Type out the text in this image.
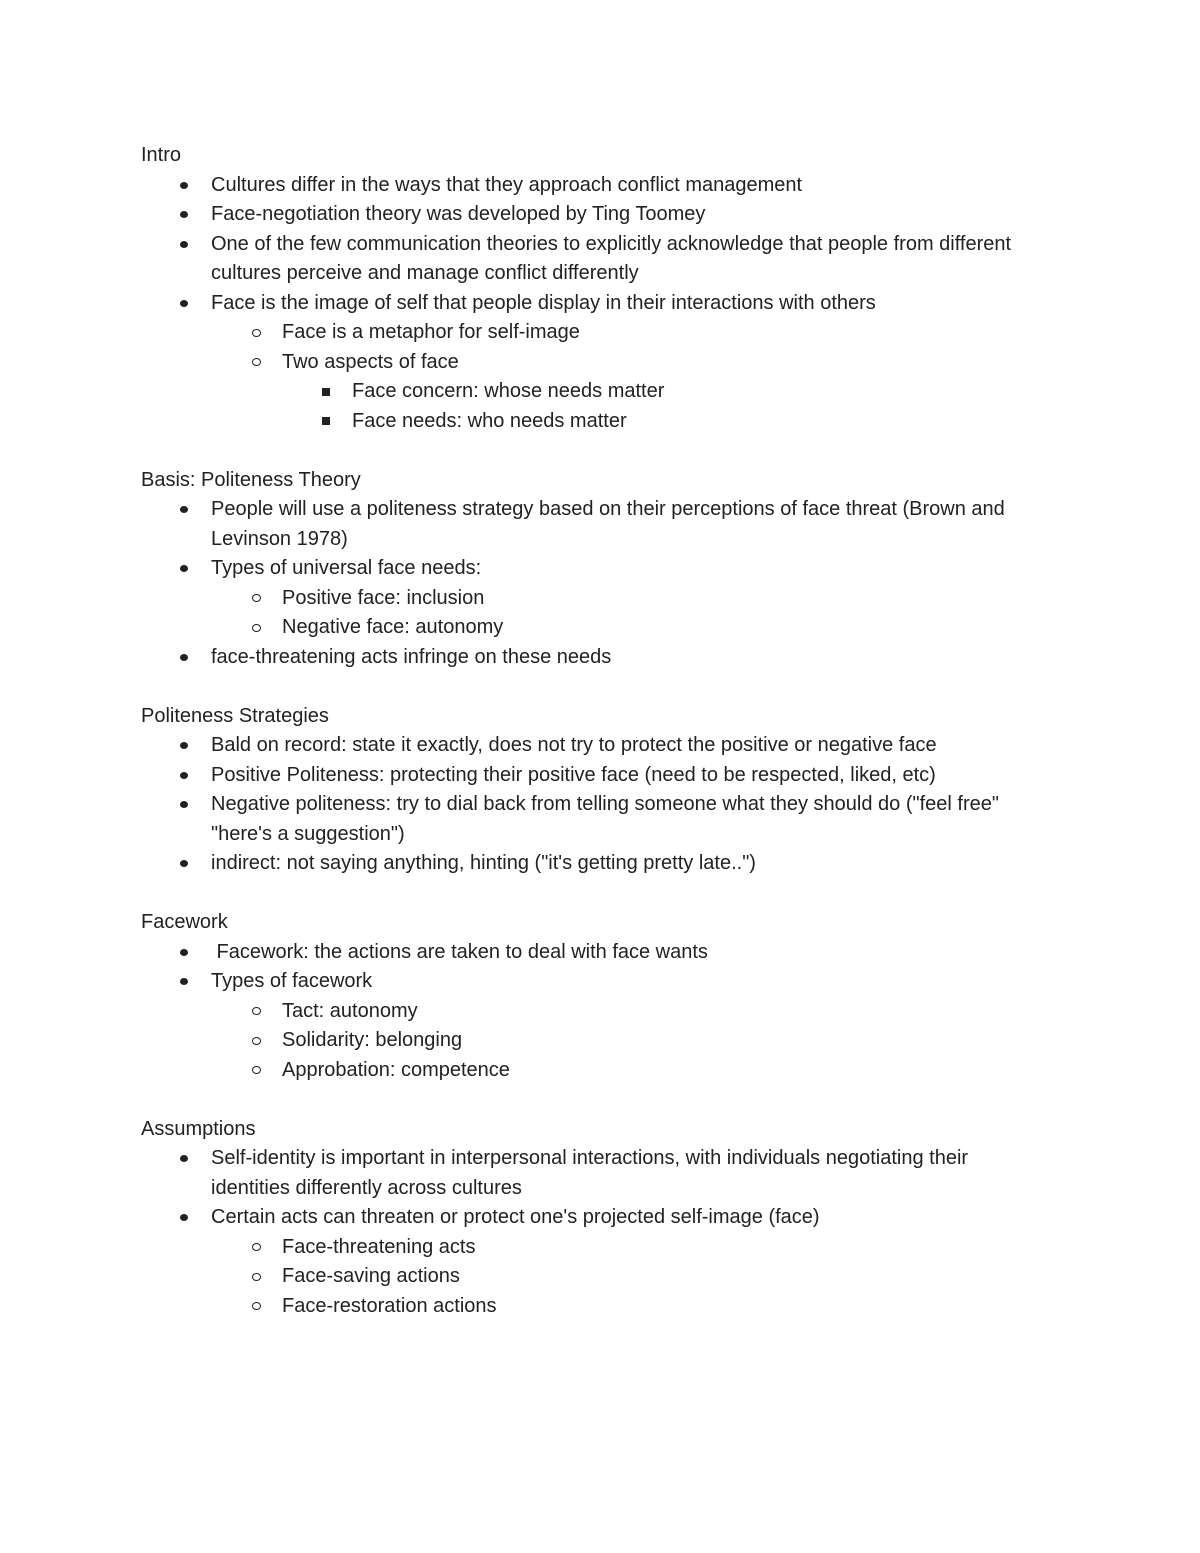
Intro

Cultures differ in the ways that they approach conflict management
Face-negotiation theory was developed by Ting Toomey
One of the few communication theories to explicitly acknowledge that people from different cultures perceive and manage conflict differently
Face is the image of self that people display in their interactions with others
Face is a metaphor for self-image
Two aspects of face
Face concern: whose needs matter
Face needs: who needs matter

Basis: Politeness Theory

People will use a politeness strategy based on their perceptions of face threat (Brown and Levinson 1978)
Types of universal face needs:
Positive face: inclusion
Negative face: autonomy
face-threatening acts infringe on these needs

Politeness Strategies

Bald on record: state it exactly, does not try to protect the positive or negative face
Positive Politeness: protecting their positive face (need to be respected, liked, etc)
Negative politeness: try to dial back from telling someone what they should do ("feel free" "here's a suggestion")
indirect: not saying anything, hinting ("it's getting pretty late..")

Facework

Facework: the actions are taken to deal with face wants
Types of facework
Tact: autonomy
Solidarity: belonging
Approbation: competence

Assumptions

Self-identity is important in interpersonal interactions, with individuals negotiating their identities differently across cultures
Certain acts can threaten or protect one's projected self-image (face)
Face-threatening acts
Face-saving actions
Face-restoration actions
